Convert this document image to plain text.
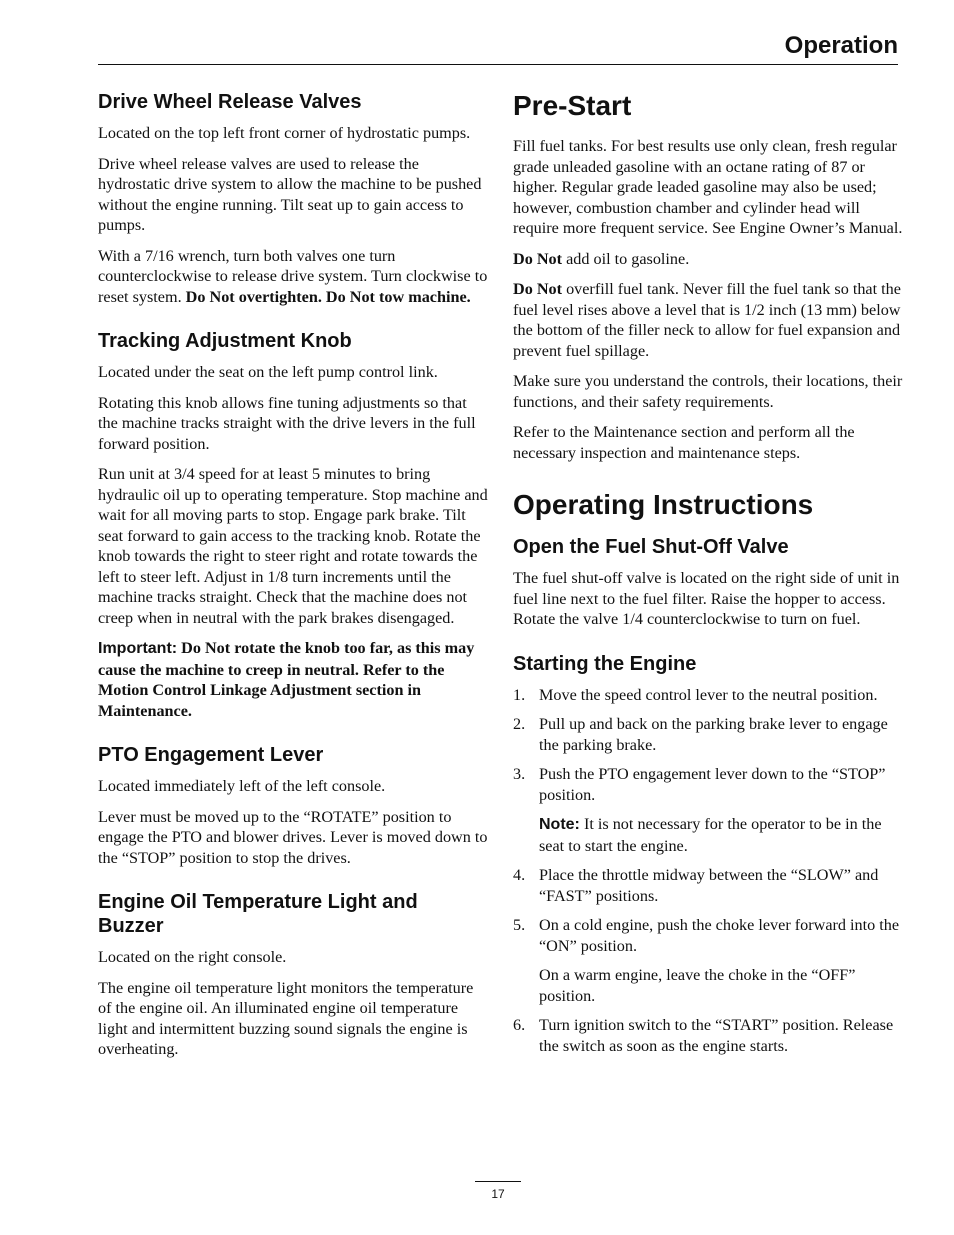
Operation
Drive Wheel Release Valves

Located on the top left front corner of hydrostatic pumps.

Drive wheel release valves are used to release the hydrostatic drive system to allow the machine to be pushed without the engine running. Tilt seat up to gain access to pumps.

With a 7/16 wrench, turn both valves one turn counterclockwise to release drive system. Turn clockwise to reset system. Do Not overtighten. Do Not tow machine.

Tracking Adjustment Knob

Located under the seat on the left pump control link.

Rotating this knob allows fine tuning adjustments so that the machine tracks straight with the drive levers in the full forward position.

Run unit at 3/4 speed for at least 5 minutes to bring hydraulic oil up to operating temperature. Stop machine and wait for all moving parts to stop. Engage park brake. Tilt seat forward to gain access to the tracking knob. Rotate the knob towards the right to steer right and rotate towards the left to steer left. Adjust in 1/8 turn increments until the machine tracks straight. Check that the machine does not creep when in neutral with the park brakes disengaged.

Important: Do Not rotate the knob too far, as this may cause the machine to creep in neutral. Refer to the Motion Control Linkage Adjustment section in Maintenance.

PTO Engagement Lever

Located immediately left of the left console.

Lever must be moved up to the “ROTATE” position to engage the PTO and blower drives. Lever is moved down to the “STOP” position to stop the drives.

Engine Oil Temperature Light and Buzzer

Located on the right console.

The engine oil temperature light monitors the temperature of the engine oil. An illuminated engine oil temperature light and intermittent buzzing sound signals the engine is overheating.

Pre-Start

Fill fuel tanks. For best results use only clean, fresh regular grade unleaded gasoline with an octane rating of 87 or higher. Regular grade leaded gasoline may also be used; however, combustion chamber and cylinder head will require more frequent service. See Engine Owner’s Manual.

Do Not add oil to gasoline.

Do Not overfill fuel tank. Never fill the fuel tank so that the fuel level rises above a level that is 1/2 inch (13 mm) below the bottom of the filler neck to allow for fuel expansion and prevent fuel spillage.

Make sure you understand the controls, their locations, their functions, and their safety requirements.

Refer to the Maintenance section and perform all the necessary inspection and maintenance steps.

Operating Instructions
Open the Fuel Shut-Off Valve

The fuel shut-off valve is located on the right side of unit in fuel line next to the fuel filter. Raise the hopper to access. Rotate the valve 1/4 counterclockwise to turn on fuel.

Starting the Engine
1. Move the speed control lever to the neutral position.
2. Pull up and back on the parking brake lever to engage the parking brake.
3. Push the PTO engagement lever down to the “STOP” position.

Note: It is not necessary for the operator to be in the seat to start the engine.

4. Place the throttle midway between the “SLOW” and “FAST” positions.
5. On a cold engine, push the choke lever forward into the “ON” position.

On a warm engine, leave the choke in the “OFF” position.

6. Turn ignition switch to the “START” position. Release the switch as soon as the engine starts.
17
